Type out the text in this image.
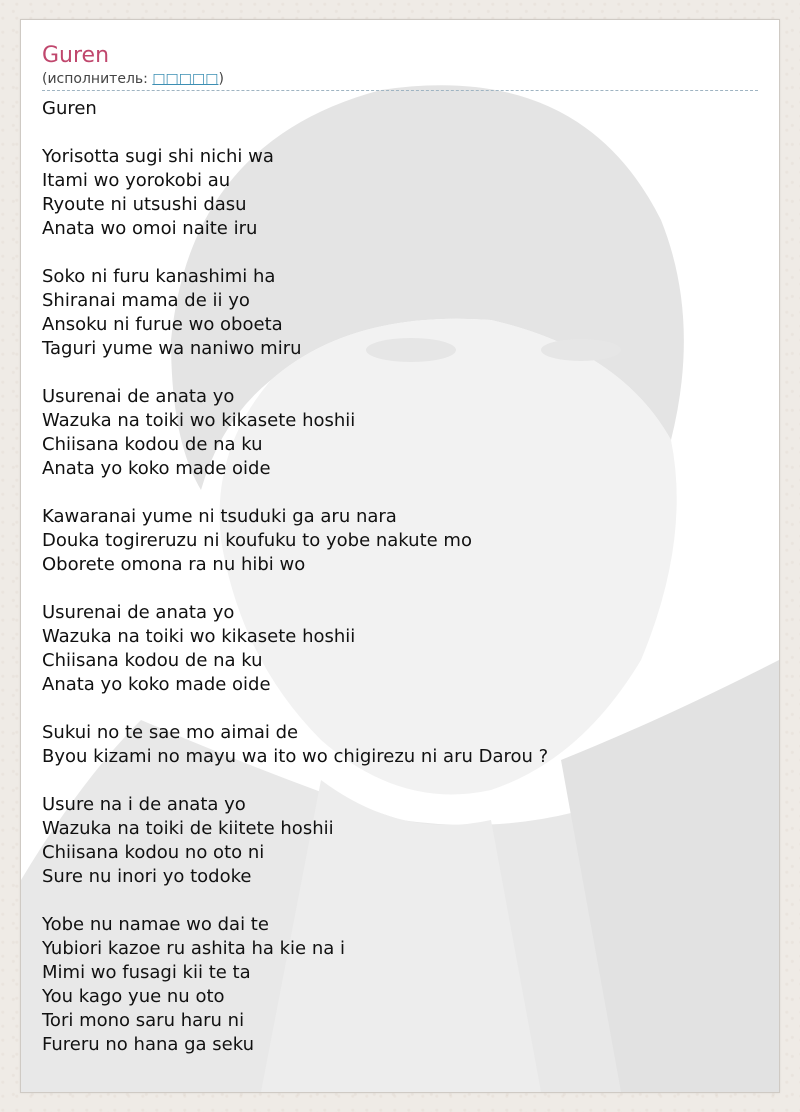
Guren
(исполнитель: □□□□□)
Guren
Yorisotta sugi shi nichi wa
Itami wo yorokobi au
Ryoute ni utsushi dasu
Anata wo omoi naite iru
Soko ni furu kanashimi ha
Shiranai mama de ii yo
Ansoku ni furue wo oboeta
Taguri yume wa naniwo miru
Usurenai de anata yo
Wazuka na toiki wo kikasete hoshii
Chiisana kodou de na ku
Anata yo koko made oide
Kawaranai yume ni tsuduki ga aru nara
Douka togireruzu ni koufuku to yobe nakute mo
Oborete omona ra nu hibi wo
Usurenai de anata yo
Wazuka na toiki wo kikasete hoshii
Chiisana kodou de na ku
Anata yo koko made oide
Sukui no te sae mo aimai de
Byou kizami no mayu wa ito wo chigirezu ni aru Darou ?
Usure na i de anata yo
Wazuka na toiki de kiitete hoshii
Chiisana kodou no oto ni
Sure nu inori yo todoke
Yobe nu namae wo dai te
Yubiori kazoe ru ashita ha kie na i
Mimi wo fusagi kii te ta
You kago yue nu oto
Tori mono saru haru ni
Fureru no hana ga seku
